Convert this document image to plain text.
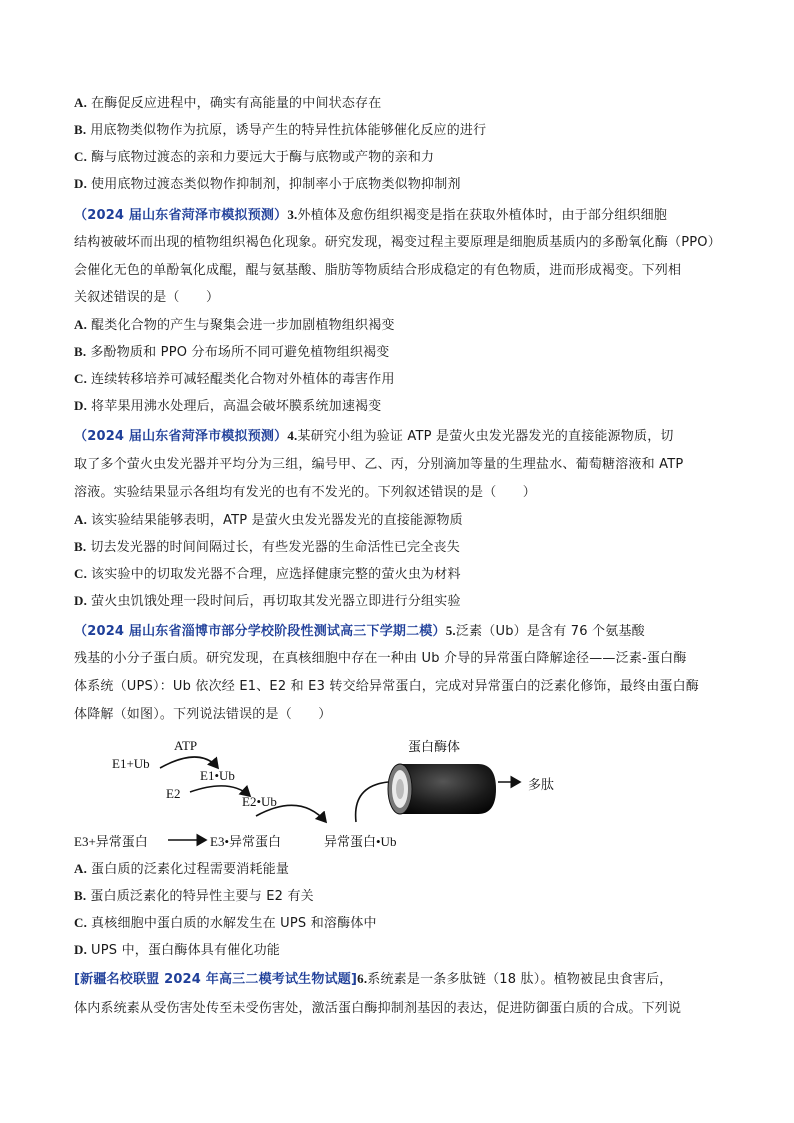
A. 在酶促反应进程中，确实有高能量的中间状态存在
B. 用底物类似物作为抗原，诱导产生的特异性抗体能够催化反应的进行
C. 酶与底物过渡态的亲和力要远大于酶与底物或产物的亲和力
D. 使用底物过渡态类似物作抑制剂，抑制率小于底物类似物抑制剂
（2024 届山东省菏泽市模拟预测）3.外植体及愈伤组织褐变是指在获取外植体时，由于部分组织细胞
结构被破坏而出现的植物组织褐色化现象。研究发现，褐变过程主要原理是细胞质基质内的多酚氧化酶（PPO）
会催化无色的单酚氧化成醌，醌与氨基酸、脂肪等物质结合形成稳定的有色物质，进而形成褐变。下列相
关叙述错误的是（　　）
A. 醌类化合物的产生与聚集会进一步加剧植物组织褐变
B. 多酚物质和 PPO 分布场所不同可避免植物组织褐变
C. 连续转移培养可减轻醌类化合物对外植体的毒害作用
D. 将苹果用沸水处理后，高温会破坏膜系统加速褐变
（2024 届山东省菏泽市模拟预测）4.某研究小组为验证 ATP 是萤火虫发光器发光的直接能源物质，切
取了多个萤火虫发光器并平均分为三组，编号甲、乙、丙，分别滴加等量的生理盐水、葡萄糖溶液和 ATP
溶液。实验结果显示各组均有发光的也有不发光的。下列叙述错误的是（　　）
A. 该实验结果能够表明，ATP 是萤火虫发光器发光的直接能源物质
B. 切去发光器的时间间隔过长，有些发光器的生命活性已完全丧失
C. 该实验中的切取发光器不合理，应选择健康完整的萤火虫为材料
D. 萤火虫饥饿处理一段时间后，再切取其发光器立即进行分组实验
（2024 届山东省淄博市部分学校阶段性测试高三下学期二模）5.泛素（Ub）是含有 76 个氨基酸
残基的小分子蛋白质。研究发现，在真核细胞中存在一种由 Ub 介导的异常蛋白降解途径——泛素-蛋白酶
体系统（UPS）：Ub 依次经 E1、E2 和 E3 转交给异常蛋白，完成对异常蛋白的泛素化修饰，最终由蛋白酶
体降解（如图）。下列说法错误的是（　　）
ATP
E1+Ub
E1•Ub
E2
E2•Ub
E3+异常蛋白	E3•异常蛋白	异常蛋白•Ub
蛋白酶体
多肽
A. 蛋白质的泛素化过程需要消耗能量
B. 蛋白质泛素化的特异性主要与 E2 有关
C. 真核细胞中蛋白质的水解发生在 UPS 和溶酶体中
D. UPS 中，蛋白酶体具有催化功能
[新疆名校联盟 2024 年高三二模考试生物试题]6.系统素是一条多肽链（18 肽）。植物被昆虫食害后，
体内系统素从受伤害处传至未受伤害处，激活蛋白酶抑制剂基因的表达，促进防御蛋白质的合成。下列说
